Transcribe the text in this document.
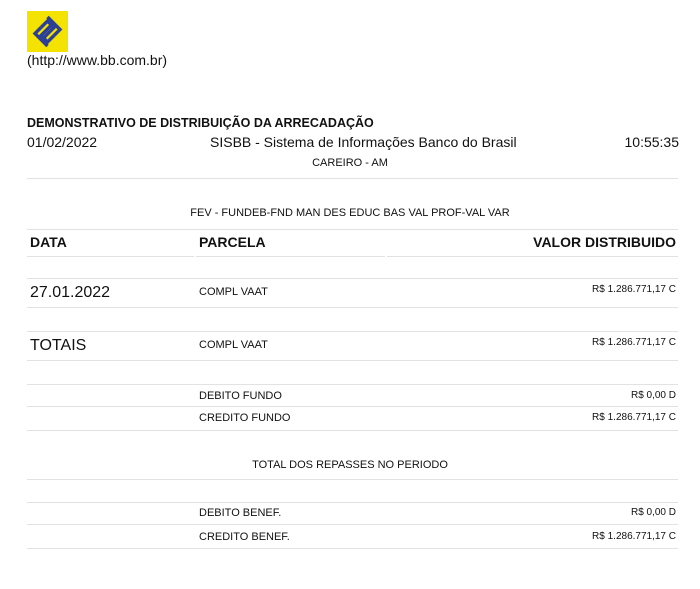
(http://www.bb.com.br)
DEMONSTRATIVO DE DISTRIBUIÇÃO DA ARRECADAÇÃO
01/02/2022	SISBB - Sistema de Informações Banco do Brasil	10:55:35
CAREIRO - AM
FEV - FUNDEB-FND MAN DES EDUC BAS VAL PROF-VAL VAR
DATA	PARCELA	VALOR DISTRIBUIDO
27.01.2022	COMPL VAAT	R$ 1.286.771,17 C
TOTAIS	COMPL VAAT	R$ 1.286.771,17 C
DEBITO FUNDO	R$ 0,00 D
CREDITO FUNDO	R$ 1.286.771,17 C
TOTAL DOS REPASSES NO PERIODO
DEBITO BENEF.	R$ 0,00 D
CREDITO BENEF.	R$ 1.286.771,17 C
